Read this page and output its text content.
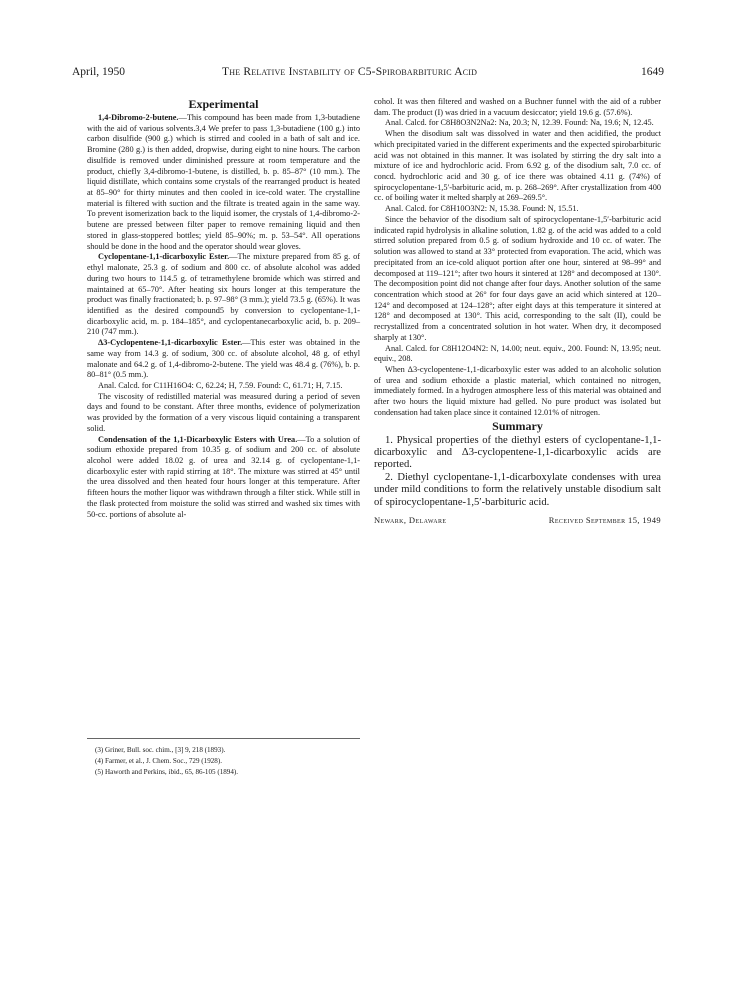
April, 1950	The Relative Instability of C5-Spirobarbituric Acid	1649
Experimental

1,4-Dibromo-2-butene.—This compound has been made from 1,3-butadiene with the aid of various solvents.3,4 We prefer to pass 1,3-butadiene (100 g.) into carbon disulfide (900 g.) which is stirred and cooled in a bath of salt and ice. Bromine (280 g.) is then added, dropwise, during eight to nine hours. The carbon disulfide is removed under diminished pressure at room temperature and the product, chiefly 3,4-dibromo-1-butene, is distilled, b. p. 85–87° (10 mm.). The liquid distillate, which contains some crystals of the rearranged product is heated at 85–90° for thirty minutes and then cooled in ice-cold water. The crystalline material is filtered with suction and the filtrate is treated again in the same way. To prevent isomerization back to the liquid isomer, the crystals of 1,4-dibromo-2-butene are pressed between filter paper to remove remaining liquid and then stored in glass-stoppered bottles; yield 85–90%; m. p. 53–54°. All operations should be done in the hood and the operator should wear gloves.

Cyclopentane-1,1-dicarboxylic Ester.—The mixture prepared from 85 g. of ethyl malonate, 25.3 g. of sodium and 800 cc. of absolute alcohol was added during two hours to 114.5 g. of tetramethylene bromide which was stirred and maintained at 65–70°. After heating six hours longer at this temperature the product was finally fractionated; b. p. 97–98° (3 mm.); yield 73.5 g. (65%). It was identified as the desired compound5 by conversion to cyclopentane-1,1-dicarboxylic acid, m. p. 184–185°, and cyclopentanecarboxylic acid, b. p. 209–210 (747 mm.).

Δ3-Cyclopentene-1,1-dicarboxylic Ester.—This ester was obtained in the same way from 14.3 g. of sodium, 300 cc. of absolute alcohol, 48 g. of ethyl malonate and 64.2 g. of 1,4-dibromo-2-butene. The yield was 48.4 g. (76%), b. p. 80–81° (0.5 mm.).

Anal. Calcd. for C11H16O4: C, 62.24; H, 7.59. Found: C, 61.71; H, 7.15.

The viscosity of redistilled material was measured during a period of seven days and found to be constant. After three months, evidence of polymerization was provided by the formation of a very viscous liquid containing a transparent solid.

Condensation of the 1,1-Dicarboxylic Esters with Urea.—To a solution of sodium ethoxide prepared from 10.35 g. of sodium and 200 cc. of absolute alcohol were added 18.02 g. of urea and 32.14 g. of cyclopentane-1,1-dicarboxylic ester with rapid stirring at 18°. The mixture was stirred at 45° until the urea dissolved and then heated four hours longer at this temperature. After fifteen hours the mother liquor was withdrawn through a filter stick. While still in the flask protected from moisture the solid was stirred and washed six times with 50-cc. portions of absolute al-

(3) Griner, Bull. soc. chim., [3] 9, 218 (1893).
(4) Farmer, et al., J. Chem. Soc., 729 (1928).
(5) Haworth and Perkins, ibid., 65, 86-105 (1894).

cohol. It was then filtered and washed on a Buchner funnel with the aid of a rubber dam. The product (I) was dried in a vacuum desiccator; yield 19.6 g. (57.6%).

Anal. Calcd. for C8H8O3N2Na2: Na, 20.3; N, 12.39. Found: Na, 19.6; N, 12.45.

When the disodium salt was dissolved in water and then acidified, the product which precipitated varied in the different experiments and the expected spirobarbituric acid was not obtained in this manner. It was isolated by stirring the dry salt into a mixture of ice and hydrochloric acid. From 6.92 g. of the disodium salt, 7.0 cc. of concd. hydrochloric acid and 30 g. of ice there was obtained 4.11 g. (74%) of spirocyclopentane-1,5′-barbituric acid, m. p. 268–269°. After crystallization from 400 cc. of boiling water it melted sharply at 269–269.5°.

Anal. Calcd. for C8H10O3N2: N, 15.38. Found: N, 15.51.

Since the behavior of the disodium salt of spirocyclopentane-1,5′-barbituric acid indicated rapid hydrolysis in alkaline solution, 1.82 g. of the acid was added to a cold stirred solution prepared from 0.5 g. of sodium hydroxide and 10 cc. of water. The solution was allowed to stand at 33° protected from evaporation. The acid, which was precipitated from an ice-cold aliquot portion after one hour, sintered at 98–99° and decomposed at 119–121°; after two hours it sintered at 128° and decomposed at 130°. The decomposition point did not change after four days. Another solution of the same concentration which stood at 26° for four days gave an acid which sintered at 120–124° and decomposed at 124–128°; after eight days at this temperature it sintered at 128° and decomposed at 130°. This acid, corresponding to the salt (II), could be recrystallized from a concentrated solution in hot water. When dry, it decomposed sharply at 130°.

Anal. Calcd. for C8H12O4N2: N, 14.00; neut. equiv., 200. Found: N, 13.95; neut. equiv., 208.

When Δ3-cyclopentene-1,1-dicarboxylic ester was added to an alcoholic solution of urea and sodium ethoxide a plastic material, which contained no nitrogen, immediately formed. In a hydrogen atmosphere less of this material was obtained and after two hours the liquid mixture had gelled. No pure product was isolated but condensation had taken place since it contained 12.01% of nitrogen.

Summary

1. Physical properties of the diethyl esters of cyclopentane-1,1-dicarboxylic and Δ3-cyclopentene-1,1-dicarboxylic acids are reported.

2. Diethyl cyclopentane-1,1-dicarboxylate condenses with urea under mild conditions to form the relatively unstable disodium salt of spirocyclopentane-1,5′-barbituric acid.

Newark, Delaware	Received September 15, 1949
